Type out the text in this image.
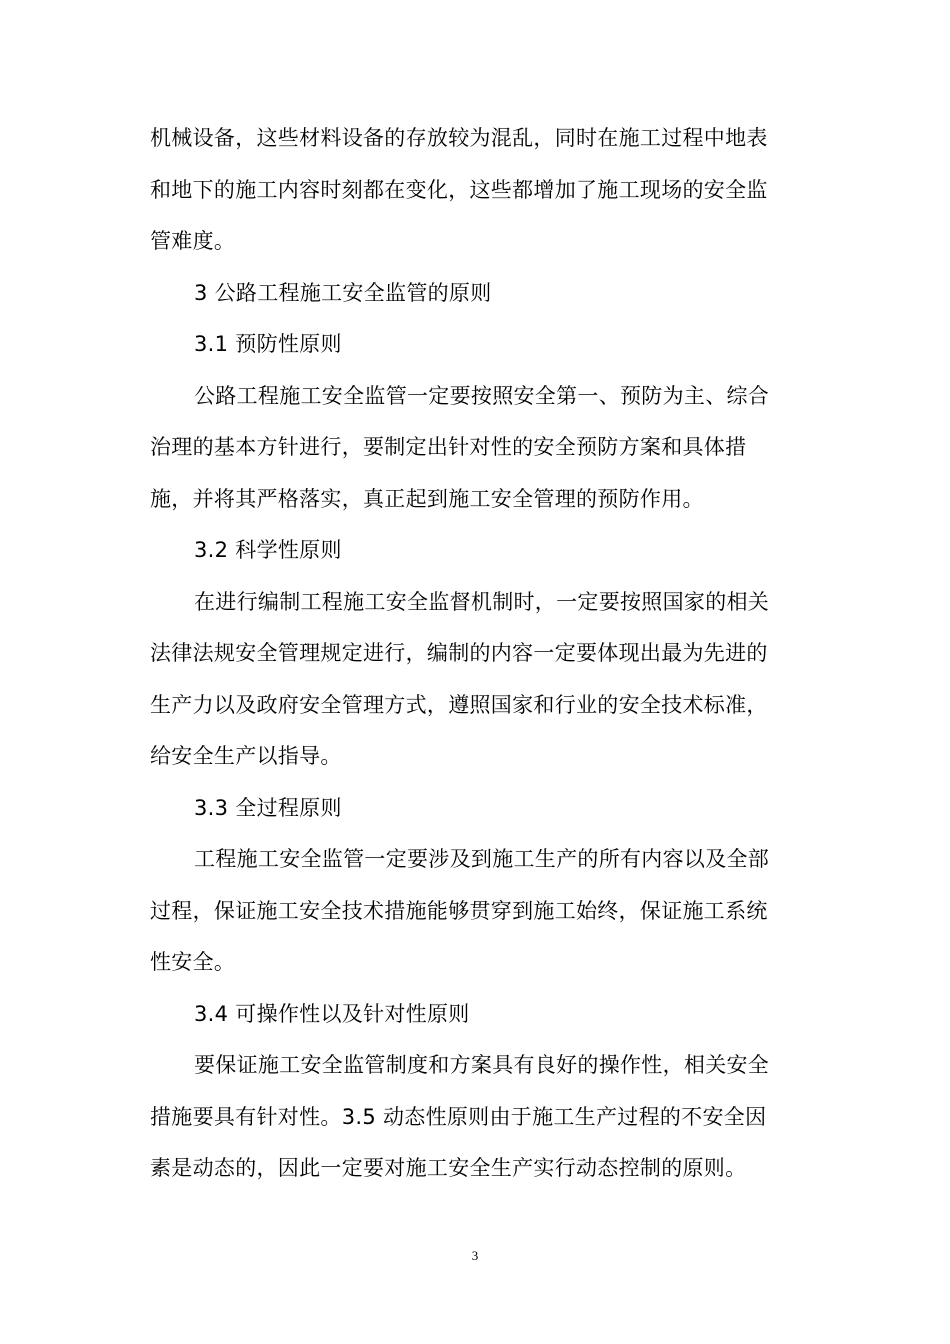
机械设备，这些材料设备的存放较为混乱，同时在施工过程中地表
和地下的施工内容时刻都在变化，这些都增加了施工现场的安全监
管难度。
3 公路工程施工安全监管的原则
3.1 预防性原则
公路工程施工安全监管一定要按照安全第一、预防为主、综合
治理的基本方针进行，要制定出针对性的安全预防方案和具体措
施，并将其严格落实，真正起到施工安全管理的预防作用。
3.2 科学性原则
在进行编制工程施工安全监督机制时，一定要按照国家的相关
法律法规安全管理规定进行，编制的内容一定要体现出最为先进的
生产力以及政府安全管理方式，遵照国家和行业的安全技术标准，
给安全生产以指导。
3.3 全过程原则
工程施工安全监管一定要涉及到施工生产的所有内容以及全部
过程，保证施工安全技术措施能够贯穿到施工始终，保证施工系统
性安全。
3.4 可操作性以及针对性原则
要保证施工安全监管制度和方案具有良好的操作性，相关安全
措施要具有针对性。3.5 动态性原则由于施工生产过程的不安全因
素是动态的，因此一定要对施工安全生产实行动态控制的原则。
3
